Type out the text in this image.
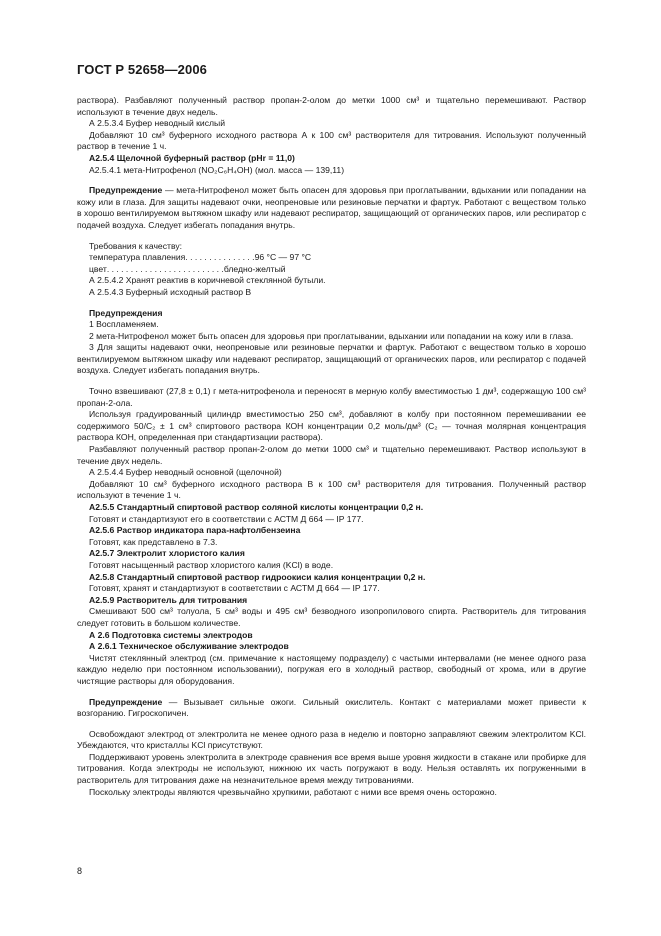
ГОСТ Р 52658—2006

раствора). Разбавляют полученный раствор пропан-2-олом до метки 1000 см³ и тщательно перемешивают. Раствор используют в течение двух недель.

А 2.5.3.4 Буфер неводный кислый

Добавляют 10 см³ буферного исходного раствора А к 100 см³ растворителя для титрования. Используют полученный раствор в течение 1 ч.

А2.5.4 Щелочной буферный раствор (рНr = 11,0)

А2.5.4.1 мета-Нитрофенол (NO₂C₆H₄OH) (мол. масса — 139,11)

Предупреждение — мета-Нитрофенол может быть опасен для здоровья при проглатывании, вдыхании или попадании на кожу или в глаза. Для защиты надевают очки, неопреновые или резиновые перчатки и фартук. Работают с веществом только в хорошо вентилируемом вытяжном шкафу или надевают респиратор, защищающий от органических паров, или респиратор с подачей воздуха. Следует избегать попадания внутрь.

Требования к качеству:

температура плавления . . . . . . . . . . . . . . . 96 °С — 97 °С
цвет . . . . . . . . . . . . . . . . . . . . . . . . . бледно-желтый

А 2.5.4.2 Хранят реактив в коричневой стеклянной бутыли.

А 2.5.4.3 Буферный исходный раствор В

Предупреждения

1 Воспламеняем.

2 мета-Нитрофенол может быть опасен для здоровья при проглатывании, вдыхании или попадании на кожу или в глаза.

3 Для защиты надевают очки, неопреновые или резиновые перчатки и фартук. Работают с веществом только в хорошо вентилируемом вытяжном шкафу или надевают респиратор, защищающий от органических паров, или респиратор с подачей воздуха. Следует избегать попадания внутрь.

Точно взвешивают (27,8 ± 0,1) г мета-нитрофенола и переносят в мерную колбу вместимостью 1 дм³, содержащую 100 см³ пропан-2-ола.

Используя градуированный цилиндр вместимостью 250 см³, добавляют в колбу при постоянном перемешивании ее содержимого 50/C₂ ± 1 см³ спиртового раствора КОН концентрации 0,2 моль/дм³ (C₂ — точная молярная концентрация раствора КОН, определенная при стандартизации раствора).

Разбавляют полученный раствор пропан-2-олом до метки 1000 см³ и тщательно перемешивают. Раствор используют в течение двух недель.

А 2.5.4.4 Буфер неводный основной (щелочной)

Добавляют 10 см³ буферного исходного раствора В к 100 см³ растворителя для титрования. Полученный раствор используют в течение 1 ч.

А2.5.5 Стандартный спиртовой раствор соляной кислоты концентрации 0,2 н.

Готовят и стандартизуют его в соответствии с АСТМ Д 664 — IP 177.

А2.5.6 Раствор индикатора пара-нафтолбензеина

Готовят, как представлено в 7.3.

А2.5.7 Электролит хлористого калия

Готовят насыщенный раствор хлористого калия (KCl) в воде.

А2.5.8 Стандартный спиртовой раствор гидроокиси калия концентрации 0,2 н.

Готовят, хранят и стандартизуют в соответствии с АСТМ Д 664 — IP 177.

А2.5.9 Растворитель для титрования

Смешивают 500 см³ толуола, 5 см³ воды и 495 см³ безводного изопропилового спирта. Растворитель для титрования следует готовить в большом количестве.

А 2.6 Подготовка системы электродов

А 2.6.1 Техническое обслуживание электродов

Чистят стеклянный электрод (см. примечание к настоящему подразделу) с частыми интервалами (не менее одного раза каждую неделю при постоянном использовании), погружая его в холодный раствор, свободный от хрома, или в другие чистящие растворы для оборудования.

Предупреждение — Вызывает сильные ожоги. Сильный окислитель. Контакт с материалами может привести к возгоранию. Гигроскопичен.

Освобождают электрод от электролита не менее одного раза в неделю и повторно заправляют свежим электролитом KCl. Убеждаются, что кристаллы KCl присутствуют.

Поддерживают уровень электролита в электроде сравнения все время выше уровня жидкости в стакане или пробирке для титрования. Когда электроды не используют, нижнюю их часть погружают в воду. Нельзя оставлять их погруженными в растворитель для титрования даже на незначительное время между титрованиями.

Поскольку электроды являются чрезвычайно хрупкими, работают с ними все время очень осторожно.

8
